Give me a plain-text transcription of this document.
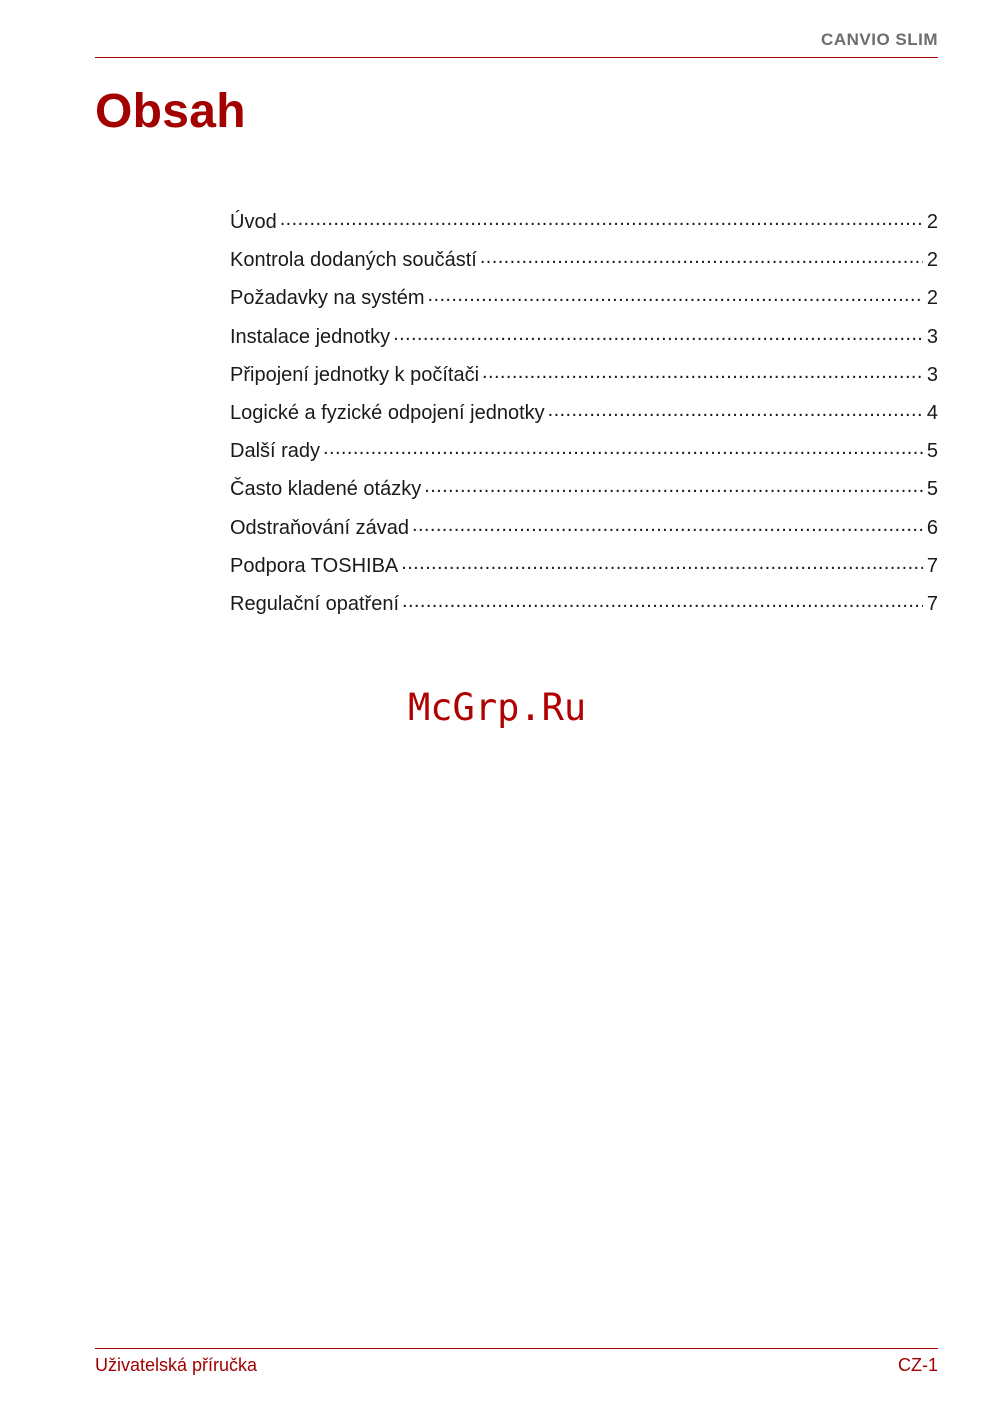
CANVIO SLIM
Obsah
Úvod .....	2
Kontrola dodaných součástí .....	2
Požadavky na systém .....	2
Instalace jednotky .....	3
Připojení jednotky k počítači .....	3
Logické a fyzické odpojení jednotky .....	4
Další rady .....	5
Často kladené otázky .....	5
Odstraňování závad .....	6
Podpora TOSHIBA .....	7
Regulační opatření .....	7
McGrp.Ru
Uživatelská příručka	CZ-1
